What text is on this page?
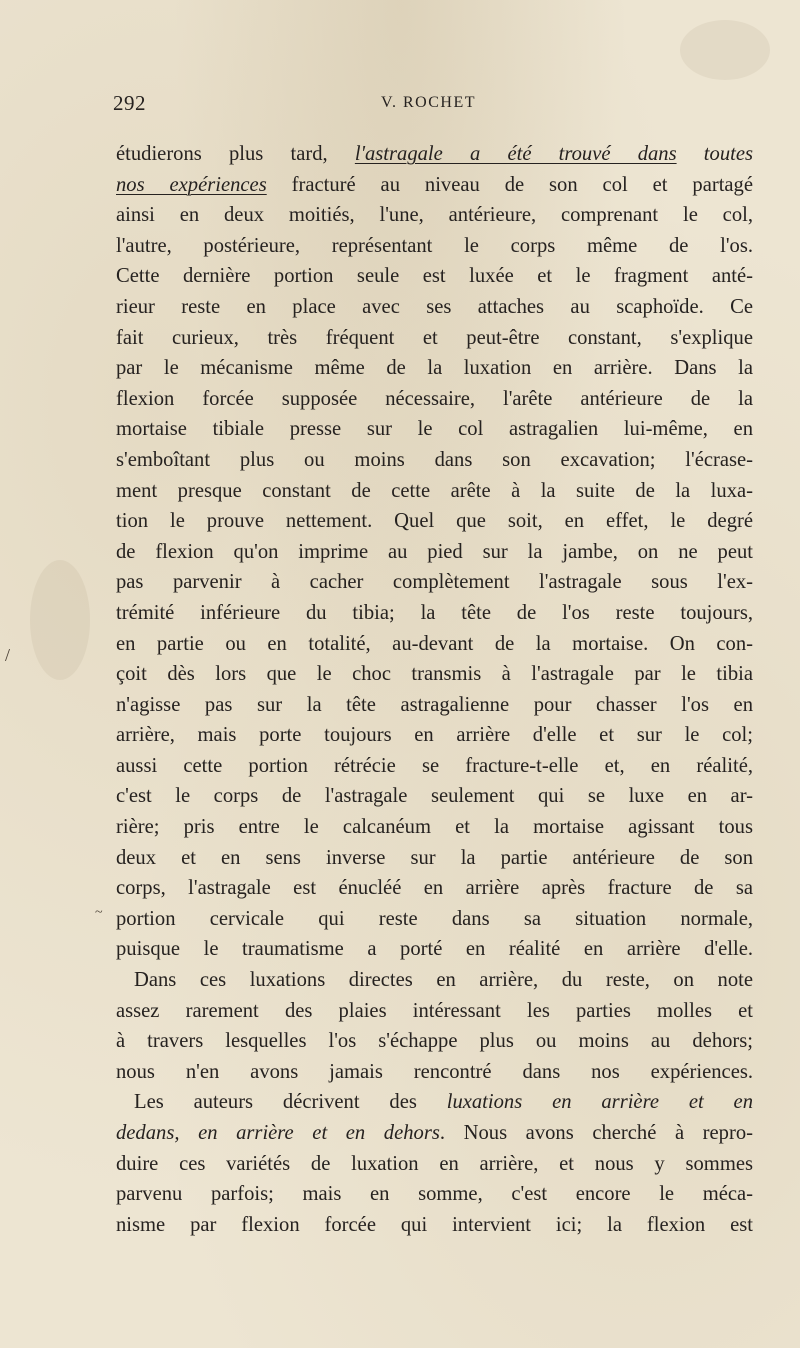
292	V. ROCHET
/
~
étudierons plus tard, l'astragale a été trouvé dans toutes
nos expériences fracturé au niveau de son col et partagé
ainsi en deux moitiés, l'une, antérieure, comprenant le col,
l'autre, postérieure, représentant le corps même de l'os.
Cette dernière portion seule est luxée et le fragment anté-
rieur reste en place avec ses attaches au scaphoïde. Ce
fait curieux, très fréquent et peut-être constant, s'explique
par le mécanisme même de la luxation en arrière. Dans la
flexion forcée supposée nécessaire, l'arête antérieure de la
mortaise tibiale presse sur le col astragalien lui-même, en
s'emboîtant plus ou moins dans son excavation; l'écrase-
ment presque constant de cette arête à la suite de la luxa-
tion le prouve nettement. Quel que soit, en effet, le degré
de flexion qu'on imprime au pied sur la jambe, on ne peut
pas parvenir à cacher complètement l'astragale sous l'ex-
trémité inférieure du tibia; la tête de l'os reste toujours,
en partie ou en totalité, au-devant de la mortaise. On con-
çoit dès lors que le choc transmis à l'astragale par le tibia
n'agisse pas sur la tête astragalienne pour chasser l'os en
arrière, mais porte toujours en arrière d'elle et sur le col;
aussi cette portion rétrécie se fracture-t-elle et, en réalité,
c'est le corps de l'astragale seulement qui se luxe en ar-
rière; pris entre le calcanéum et la mortaise agissant tous
deux et en sens inverse sur la partie antérieure de son
corps, l'astragale est énucléé en arrière après fracture de sa
portion cervicale qui reste dans sa situation normale,
puisque le traumatisme a porté en réalité en arrière d'elle.
Dans ces luxations directes en arrière, du reste, on note
assez rarement des plaies intéressant les parties molles et
à travers lesquelles l'os s'échappe plus ou moins au dehors;
nous n'en avons jamais rencontré dans nos expériences.
Les auteurs décrivent des luxations en arrière et en
dedans, en arrière et en dehors. Nous avons cherché à repro-
duire ces variétés de luxation en arrière, et nous y sommes
parvenu parfois; mais en somme, c'est encore le méca-
nisme par flexion forcée qui intervient ici; la flexion est
